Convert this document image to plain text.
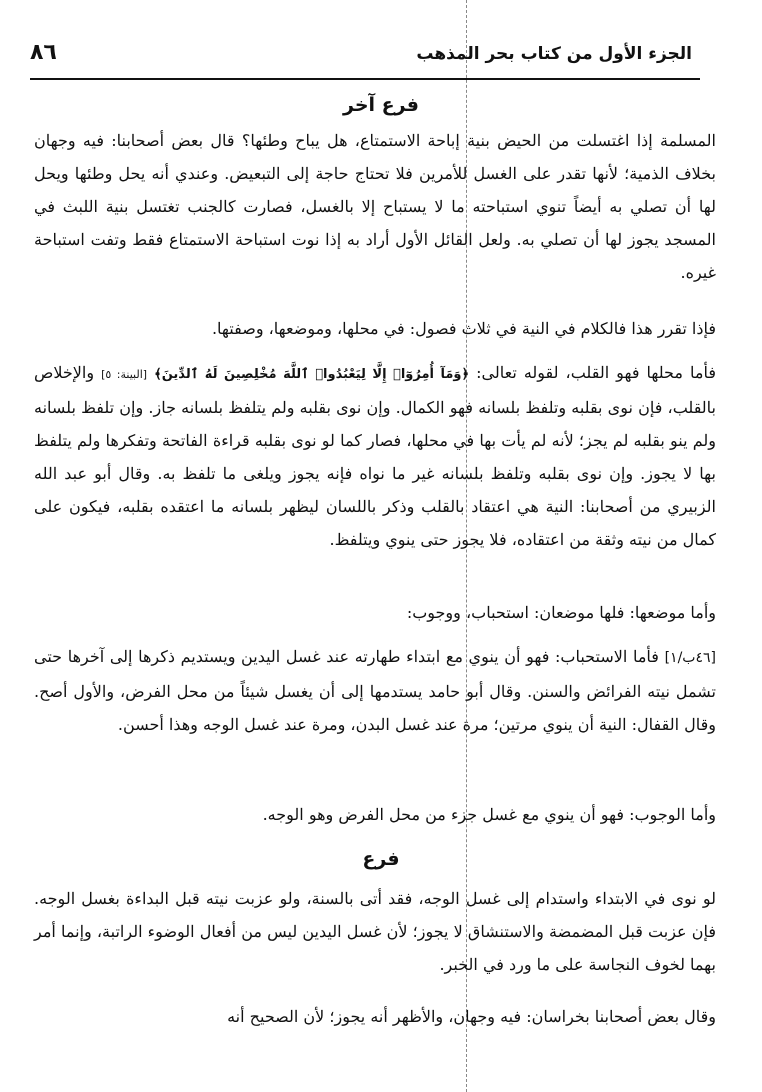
الجزء الأول من كتاب بحر المذهب
٨٦
فرع آخر

المسلمة إذا اغتسلت من الحيض بنية إباحة الاستمتاع، هل يباح وطئها؟ قال بعض أصحابنا: فيه وجهان بخلاف الذمية؛ لأنها تقدر على الغسل للأمرين فلا تحتاج حاجة إلى التبعيض. وعندي أنه يحل وطئها ويحل لها أن تصلي به أيضاً تنوي استباحته ما لا يستباح إلا بالغسل، فصارت كالجنب تغتسل بنية اللبث في المسجد يجوز لها أن تصلي به. ولعل القائل الأول أراد به إذا نوت استباحة الاستمتاع فقط وتفت استباحة غيره.

فإذا تقرر هذا فالكلام في النية في ثلاث فصول: في محلها، وموضعها، وصفتها.

فأما محلها فهو القلب، لقوله تعالى: ﴿وَمَآ أُمِرُوٓا۟ إِلَّا لِيَعْبُدُوا۟ ٱللَّهَ مُخْلِصِينَ لَهُ ٱلدِّينَ﴾ [البينة: ٥] والإخلاص بالقلب، فإن نوى بقلبه وتلفظ بلسانه فهو الكمال. وإن نوى بقلبه ولم يتلفظ بلسانه جاز. وإن تلفظ بلسانه ولم ينو بقلبه لم يجز؛ لأنه لم يأت بها في محلها، فصار كما لو نوى بقلبه قراءة الفاتحة وتفكرها ولم يتلفظ بها لا يجوز. وإن نوى بقلبه وتلفظ بلسانه غير ما نواه فإنه يجوز ويلغى ما تلفظ به. وقال أبو عبد الله الزبيري من أصحابنا: النية هي اعتقاد بالقلب وذكر باللسان ليظهر بلسانه ما اعتقده بقلبه، فيكون على كمال من نيته وثقة من اعتقاده، فلا يجوز حتى ينوي ويتلفظ.

وأما موضعها: فلها موضعان: استحباب، ووجوب:

[٤٦ب/١] فأما الاستحباب: فهو أن ينوي مع ابتداء طهارته عند غسل اليدين ويستديم ذكرها إلى آخرها حتى تشمل نيته الفرائض والسنن. وقال أبو حامد يستدمها إلى أن يغسل شيئاً من محل الفرض، والأول أصح. وقال القفال: النية أن ينوي مرتين؛ مرة عند غسل البدن، ومرة عند غسل الوجه وهذا أحسن.

وأما الوجوب: فهو أن ينوي مع غسل جزء من محل الفرض وهو الوجه.

فرع

لو نوى في الابتداء واستدام إلى غسل الوجه، فقد أتى بالسنة، ولو عزبت نيته قبل البداءة بغسل الوجه. فإن عزبت قبل المضمضة والاستنشاق لا يجوز؛ لأن غسل اليدين ليس من أفعال الوضوء الراتبة، وإنما أمر بهما لخوف النجاسة على ما ورد في الخبر.

وقال بعض أصحابنا بخراسان: فيه وجهان، والأظهر أنه يجوز؛ لأن الصحيح أنه
